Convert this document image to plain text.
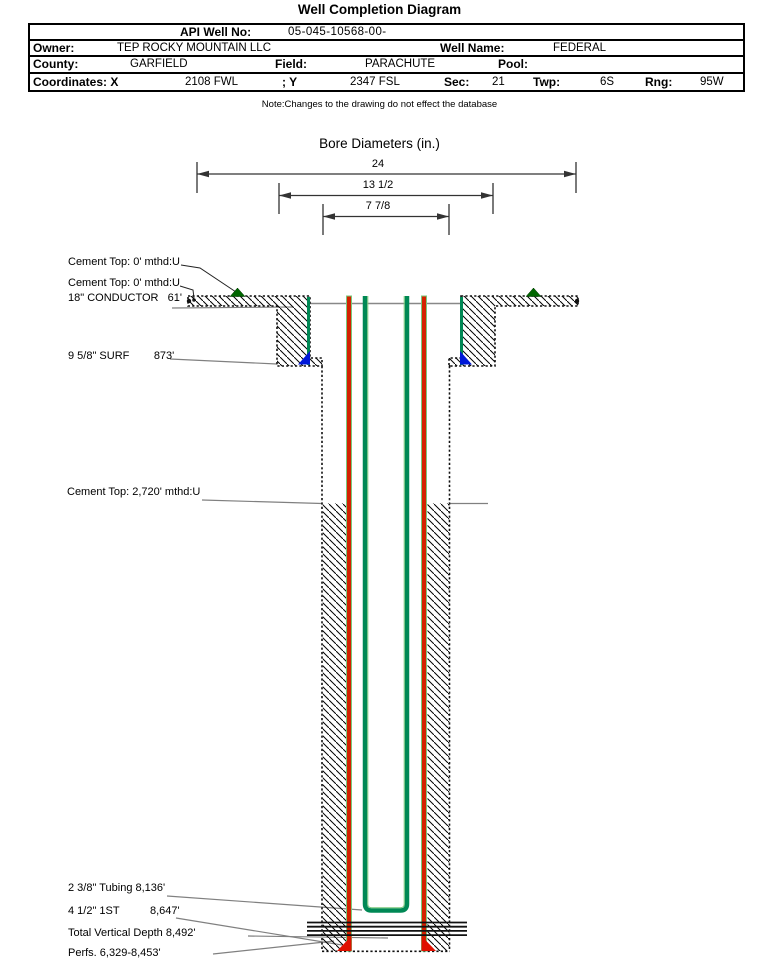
Well Completion Diagram
API Well No:	05-045-10568-00-
Owner:	TEP ROCKY MOUNTAIN LLC	Well Name:	FEDERAL
County:	GARFIELD	Field:	PARACHUTE	Pool:
Coordinates: X	2108 FWL	; Y	2347 FSL	Sec: 21 Twp:	6S	Rng: 95W
Note:Changes to the drawing do not effect the database
Bore Diameters (in.)
24
13 1/2
7 7/8
Cement Top: 0' mthd:U
Cement Top: 0' mthd:U
18" CONDUCTOR   61'
9 5/8" SURF        873'
Cement Top: 2,720' mthd:U
2 3/8" Tubing 8,136'
4 1/2" 1ST          8,647'
Total Vertical Depth 8,492'
Perfs. 6,329-8,453'
